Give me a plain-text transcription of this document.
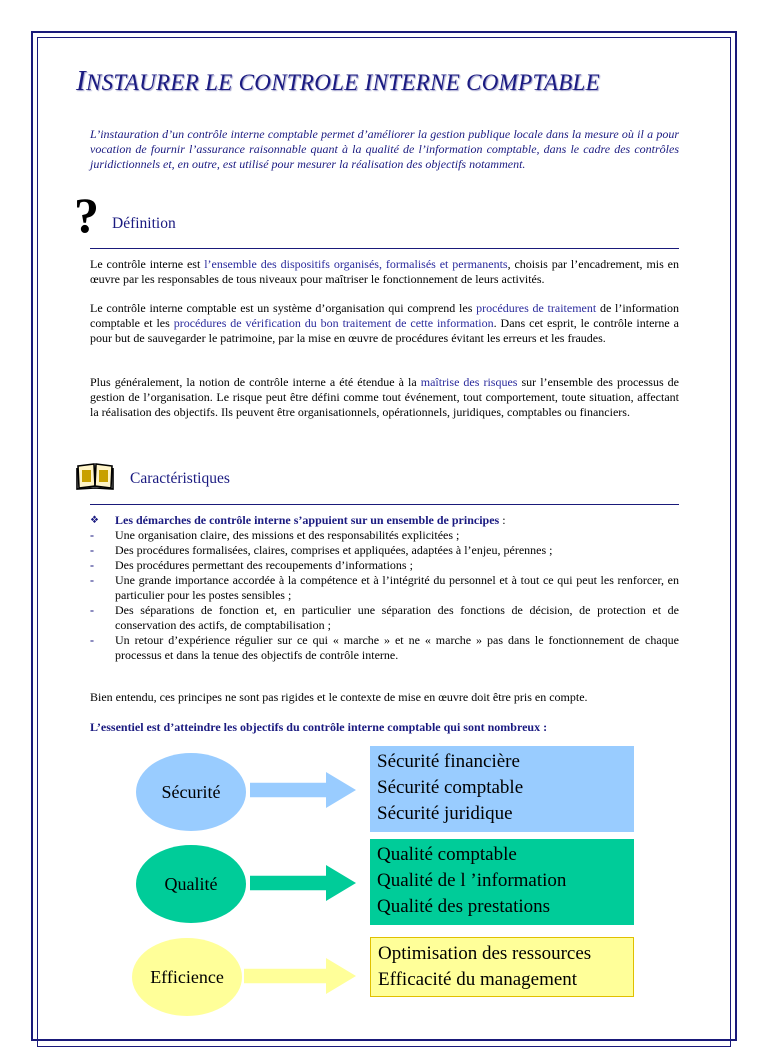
INSTAURER LE CONTROLE INTERNE COMPTABLE
L’instauration d’un contrôle interne comptable permet d’améliorer la gestion publique locale dans la mesure où il a pour vocation de fournir l’assurance raisonnable quant à la qualité de l’information comptable, dans le cadre des contrôles juridictionnels et, en outre, est utilisé pour mesurer la réalisation des objectifs notamment.
? Définition
Le contrôle interne est l’ensemble des dispositifs organisés, formalisés et permanents, choisis par l’encadrement, mis en œuvre par les responsables de tous niveaux pour maîtriser le fonctionnement de leurs activités.
Le contrôle interne comptable est un système d’organisation qui comprend les procédures de traitement de l’information comptable et les procédures de vérification du bon traitement de cette information. Dans cet esprit, le contrôle interne a pour but de sauvegarder le patrimoine, par la mise en œuvre de procédures évitant les erreurs et les fraudes.
Plus généralement, la notion de contrôle interne a été étendue à la maîtrise des risques sur l’ensemble des processus de gestion de l’organisation. Le risque peut être défini comme tout événement, tout comportement, toute situation, affectant la réalisation des objectifs. Ils peuvent être organisationnels, opérationnels, juridiques, comptables ou financiers.
Caractéristiques
❖ Les démarches de contrôle interne s’appuient sur un ensemble de principes :
- Une organisation claire, des missions et des responsabilités explicitées ;
- Des procédures formalisées, claires, comprises et appliquées, adaptées à l’enjeu, pérennes ;
- Des procédures permettant des recoupements d’informations ;
- Une grande importance accordée à la compétence et à l’intégrité du personnel et à tout ce qui peut les renforcer, en particulier pour les postes sensibles ;
- Des séparations de fonction et, en particulier une séparation des fonctions de décision, de protection et de conservation des actifs, de comptabilisation ;
- Un retour d’expérience régulier sur ce qui « marche » et ne « marche » pas dans le fonctionnement de chaque processus et dans la tenue des objectifs de contrôle interne.
Bien entendu, ces principes ne sont pas rigides et le contexte de mise en œuvre doit être pris en compte.
L’essentiel est d’atteindre les objectifs du contrôle interne comptable qui sont nombreux :
Sécurité
Sécurité financière
Sécurité comptable
Sécurité juridique
Qualité
Qualité comptable
Qualité de l ’information
Qualité des prestations
Efficience
Optimisation des ressources
Efficacité du management
